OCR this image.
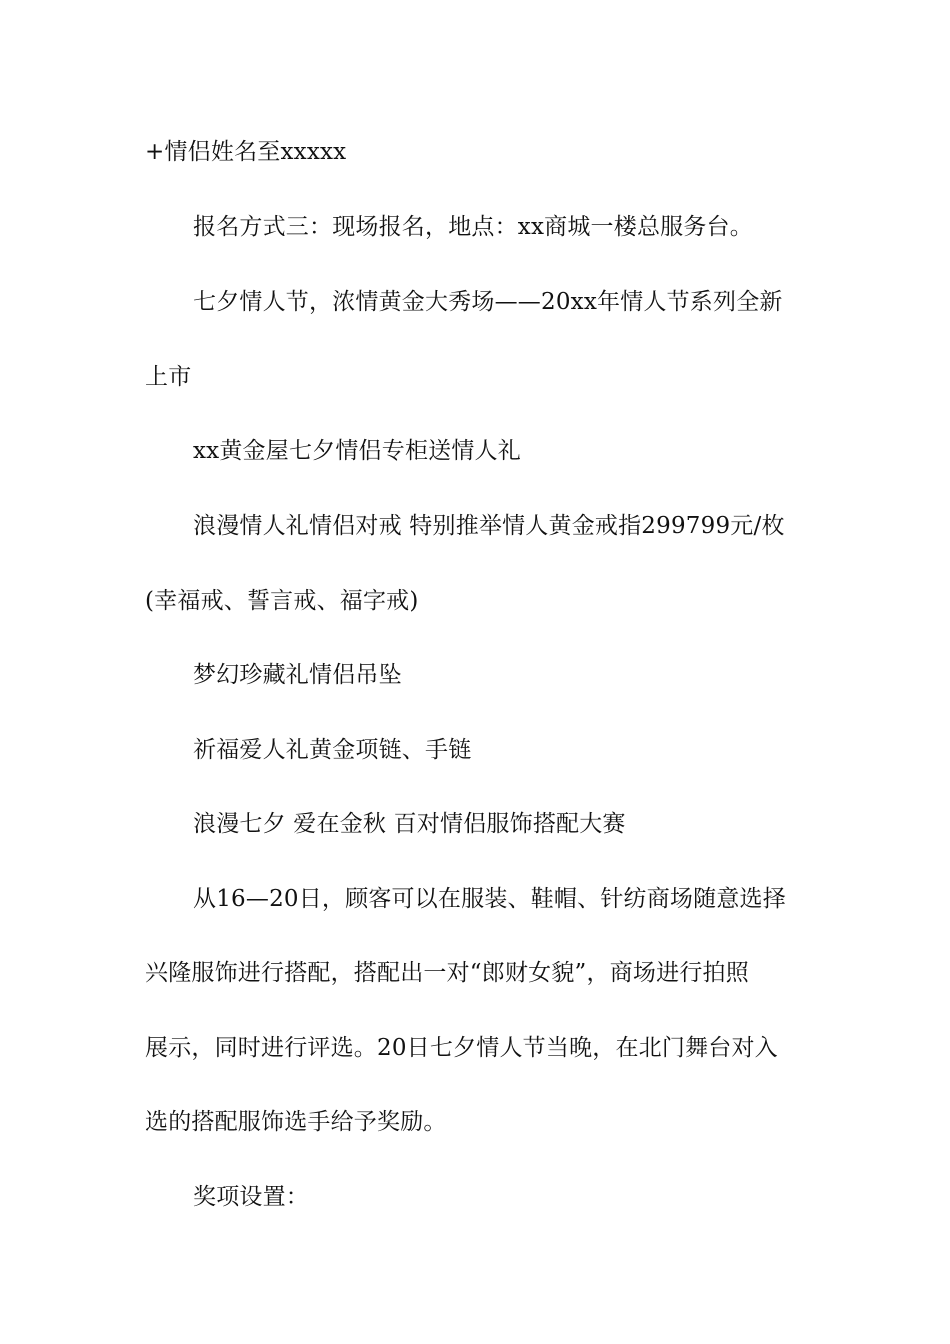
+情侣姓名至xxxxx
报名方式三：现场报名，地点：xx商城一楼总服务台。
七夕情人节，浓情黄金大秀场——20xx年情人节系列全新
上市
xx黄金屋七夕情侣专柜送情人礼
浪漫情人礼情侣对戒 特别推举情人黄金戒指299799元/枚
(幸福戒、誓言戒、福字戒)
梦幻珍藏礼情侣吊坠
祈福爱人礼黄金项链、手链
浪漫七夕 爱在金秋 百对情侣服饰搭配大赛
从16—20日，顾客可以在服装、鞋帽、针纺商场随意选择
兴隆服饰进行搭配，搭配出一对“郎财女貌”，商场进行拍照
展示，同时进行评选。20日七夕情人节当晚，在北门舞台对入
选的搭配服饰选手给予奖励。
奖项设置：
